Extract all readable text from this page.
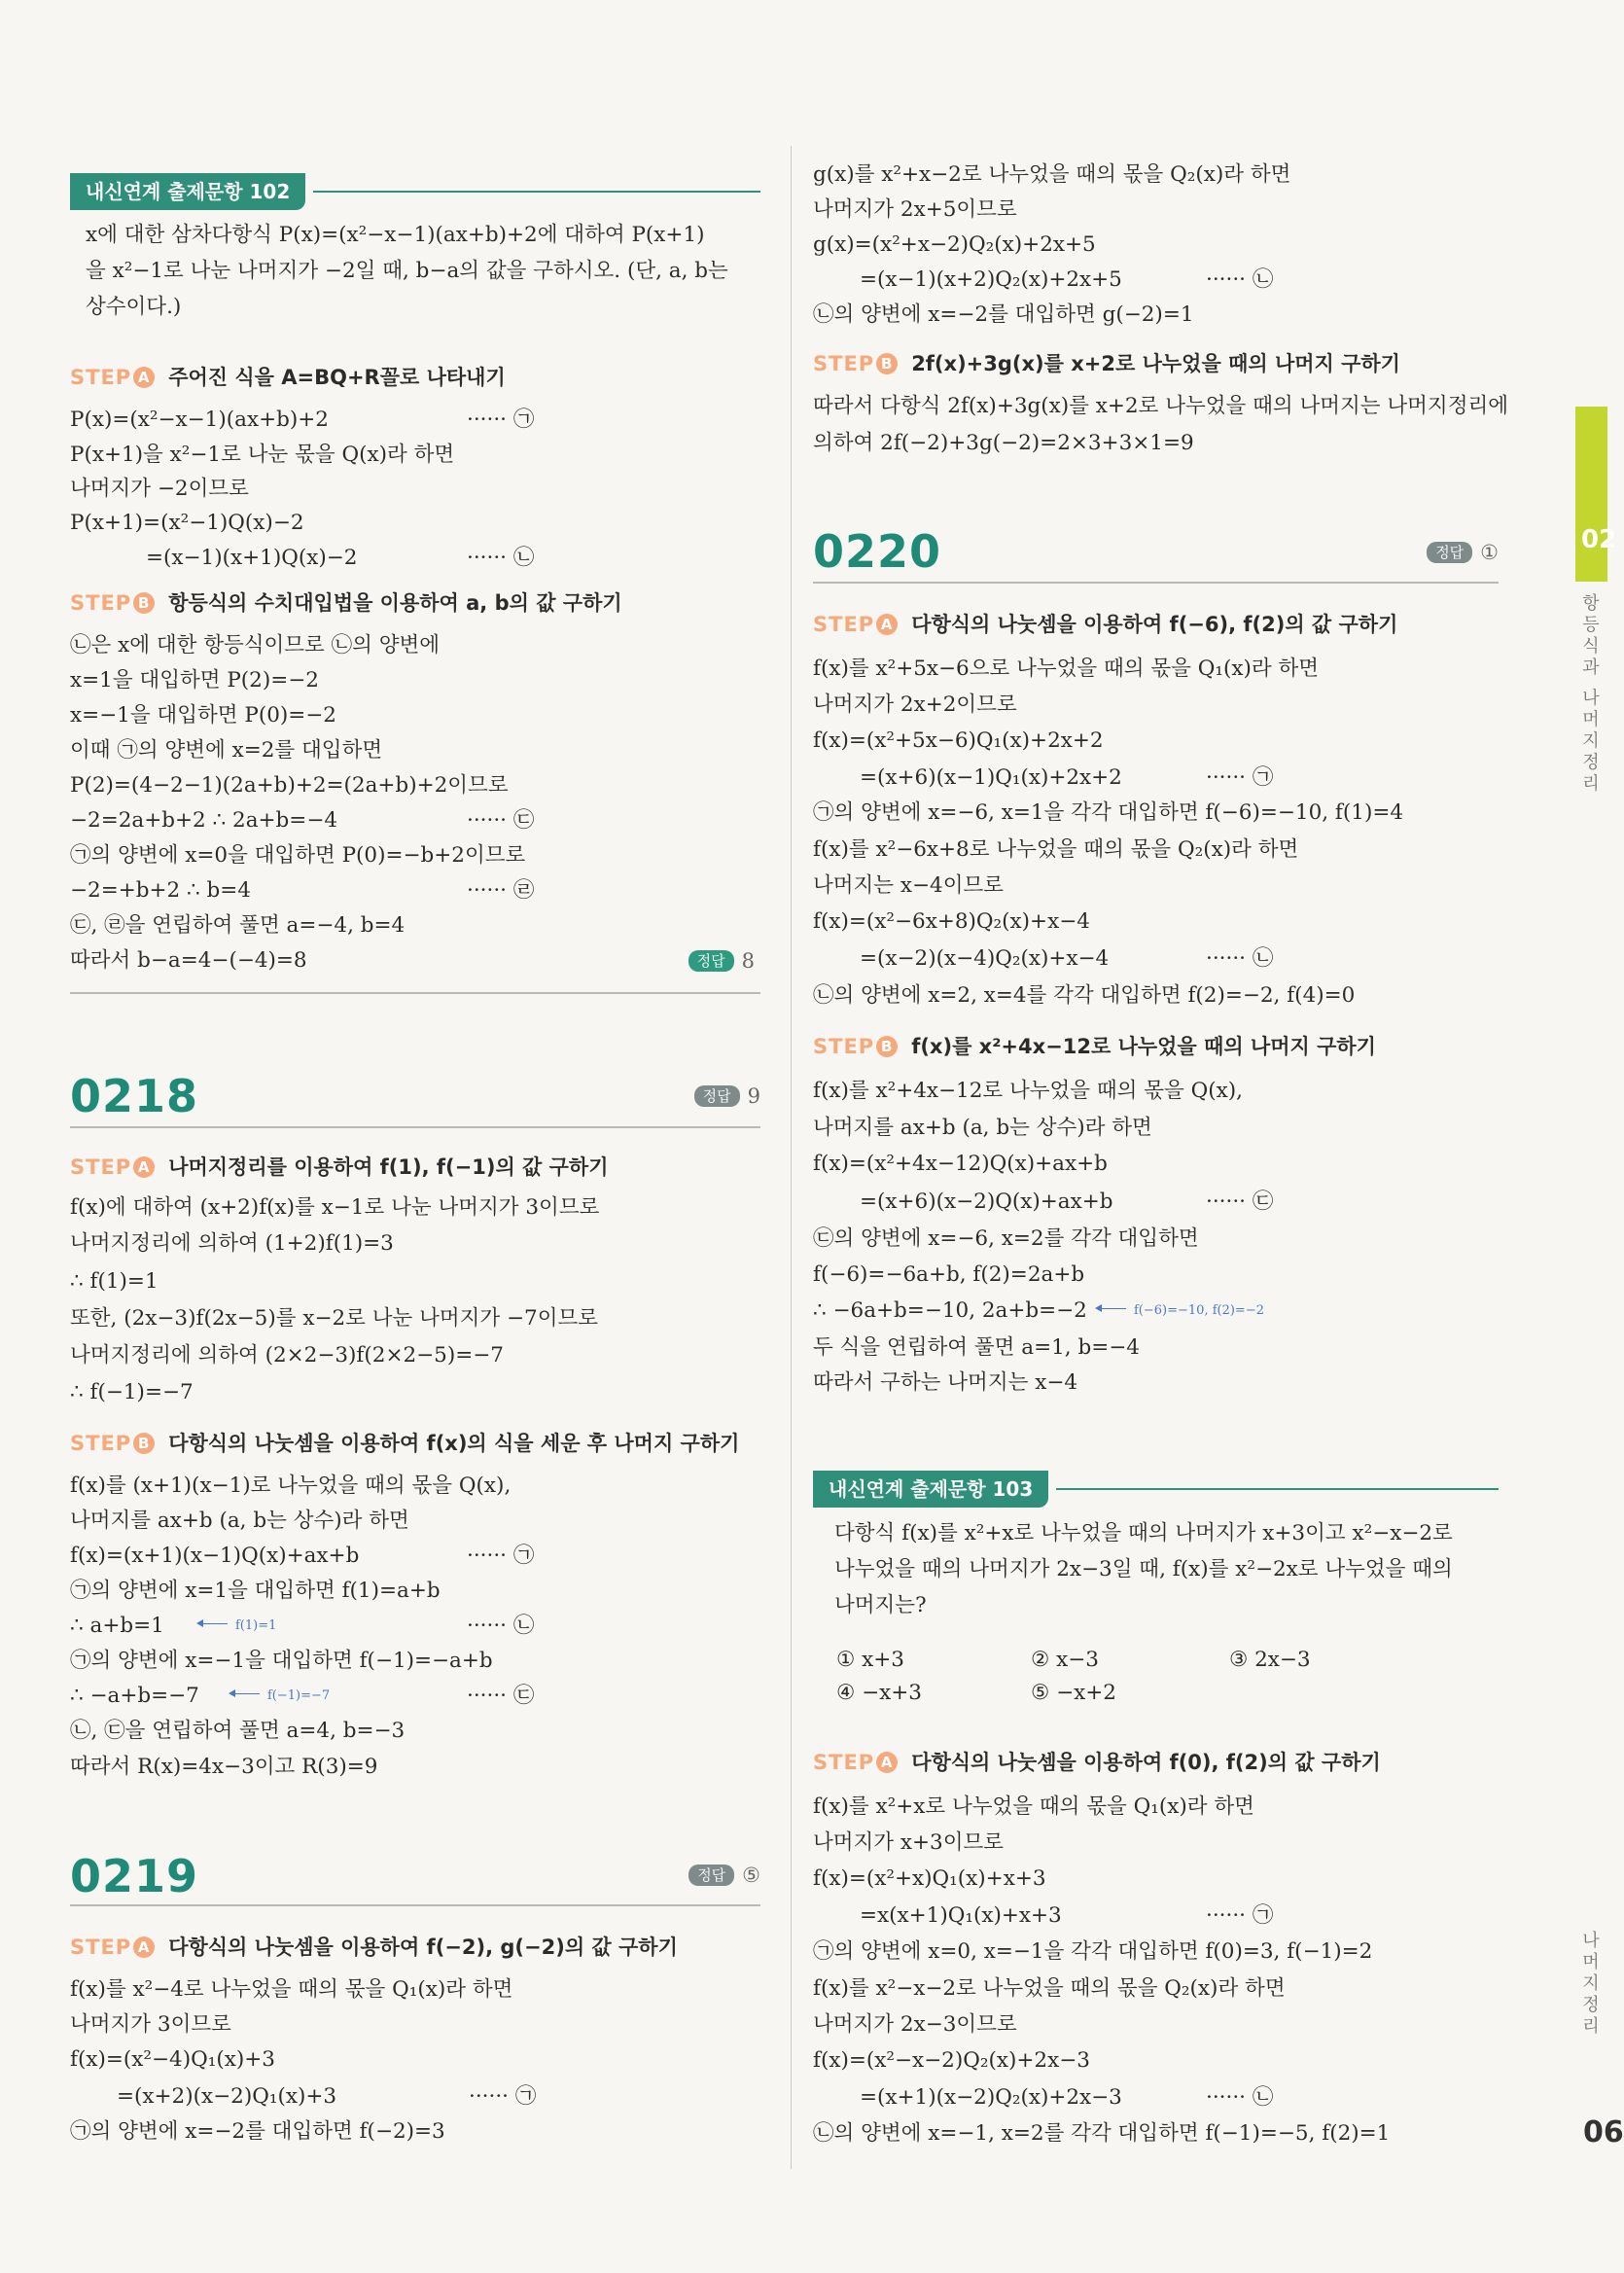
내신연계 출제문항 102
x에 대한 삼차다항식 P(x)=(x²−x−1)(ax+b)+2에 대하여 P(x+1)
을 x²−1로 나눈 나머지가 −2일 때, b−a의 값을 구하시오. (단, a, b는
상수이다.)
STEP A 주어진 식을 A=BQ+R꼴로 나타내기
P(x)=(x²−x−1)(ax+b)+2	······ ㉠
P(x+1)을 x²−1로 나눈 몫을 Q(x)라 하면
나머지가 −2이므로
P(x+1)=(x²−1)Q(x)−2
=(x−1)(x+1)Q(x)−2	······ ㉡
STEP B 항등식의 수치대입법을 이용하여 a, b의 값 구하기
㉡은 x에 대한 항등식이므로 ㉡의 양변에
x=1을 대입하면 P(2)=−2
x=−1을 대입하면 P(0)=−2
이때 ㉠의 양변에 x=2를 대입하면
P(2)=(4−2−1)(2a+b)+2=(2a+b)+2이므로
−2=2a+b+2 ∴ 2a+b=−4	······ ㉢
㉠의 양변에 x=0을 대입하면 P(0)=−b+2이므로
−2=+b+2 ∴ b=4	······ ㉣
㉢, ㉣을 연립하여 풀면 a=−4, b=4
따라서 b−a=4−(−4)=8	정답 8
0218	정답 9
STEP A 나머지정리를 이용하여 f(1), f(−1)의 값 구하기
f(x)에 대하여 (x+2)f(x)를 x−1로 나눈 나머지가 3이므로
나머지정리에 의하여 (1+2)f(1)=3
∴ f(1)=1
또한, (2x−3)f(2x−5)를 x−2로 나눈 나머지가 −7이므로
나머지정리에 의하여 (2×2−3)f(2×2−5)=−7
∴ f(−1)=−7
STEP B 다항식의 나눗셈을 이용하여 f(x)의 식을 세운 후 나머지 구하기
f(x)를 (x+1)(x−1)로 나누었을 때의 몫을 Q(x),
나머지를 ax+b (a, b는 상수)라 하면
f(x)=(x+1)(x−1)Q(x)+ax+b	······ ㉠
㉠의 양변에 x=1을 대입하면 f(1)=a+b
∴ a+b=1	f(1)=1	······ ㉡
㉠의 양변에 x=−1을 대입하면 f(−1)=−a+b
∴ −a+b=−7	f(−1)=−7	······ ㉢
㉡, ㉢을 연립하여 풀면 a=4, b=−3
따라서 R(x)=4x−3이고 R(3)=9
0219	정답 ⑤
STEP A 다항식의 나눗셈을 이용하여 f(−2), g(−2)의 값 구하기
f(x)를 x²−4로 나누었을 때의 몫을 Q₁(x)라 하면
나머지가 3이므로
f(x)=(x²−4)Q₁(x)+3
=(x+2)(x−2)Q₁(x)+3	······ ㉠
㉠의 양변에 x=−2를 대입하면 f(−2)=3
g(x)를 x²+x−2로 나누었을 때의 몫을 Q₂(x)라 하면
나머지가 2x+5이므로
g(x)=(x²+x−2)Q₂(x)+2x+5
=(x−1)(x+2)Q₂(x)+2x+5	······ ㉡
㉡의 양변에 x=−2를 대입하면 g(−2)=1
STEP B 2f(x)+3g(x)를 x+2로 나누었을 때의 나머지 구하기
따라서 다항식 2f(x)+3g(x)를 x+2로 나누었을 때의 나머지는 나머지정리에
의하여 2f(−2)+3g(−2)=2×3+3×1=9
0220	정답 ①
STEP A 다항식의 나눗셈을 이용하여 f(−6), f(2)의 값 구하기
f(x)를 x²+5x−6으로 나누었을 때의 몫을 Q₁(x)라 하면
나머지가 2x+2이므로
f(x)=(x²+5x−6)Q₁(x)+2x+2
=(x+6)(x−1)Q₁(x)+2x+2	······ ㉠
㉠의 양변에 x=−6, x=1을 각각 대입하면 f(−6)=−10, f(1)=4
f(x)를 x²−6x+8로 나누었을 때의 몫을 Q₂(x)라 하면
나머지는 x−4이므로
f(x)=(x²−6x+8)Q₂(x)+x−4
=(x−2)(x−4)Q₂(x)+x−4	······ ㉡
㉡의 양변에 x=2, x=4를 각각 대입하면 f(2)=−2, f(4)=0
STEP B f(x)를 x²+4x−12로 나누었을 때의 나머지 구하기
f(x)를 x²+4x−12로 나누었을 때의 몫을 Q(x),
나머지를 ax+b (a, b는 상수)라 하면
f(x)=(x²+4x−12)Q(x)+ax+b
=(x+6)(x−2)Q(x)+ax+b	······ ㉢
㉢의 양변에 x=−6, x=2를 각각 대입하면
f(−6)=−6a+b, f(2)=2a+b
∴ −6a+b=−10, 2a+b=−2	f(−6)=−10, f(2)=−2
두 식을 연립하여 풀면 a=1, b=−4
따라서 구하는 나머지는 x−4
내신연계 출제문항 103
다항식 f(x)를 x²+x로 나누었을 때의 나머지가 x+3이고 x²−x−2로
나누었을 때의 나머지가 2x−3일 때, f(x)를 x²−2x로 나누었을 때의
나머지는?
① x+3	② x−3	③ 2x−3
④ −x+3	⑤ −x+2
STEP A 다항식의 나눗셈을 이용하여 f(0), f(2)의 값 구하기
f(x)를 x²+x로 나누었을 때의 몫을 Q₁(x)라 하면
나머지가 x+3이므로
f(x)=(x²+x)Q₁(x)+x+3
=x(x+1)Q₁(x)+x+3	······ ㉠
㉠의 양변에 x=0, x=−1을 각각 대입하면 f(0)=3, f(−1)=2
f(x)를 x²−x−2로 나누었을 때의 몫을 Q₂(x)라 하면
나머지가 2x−3이므로
f(x)=(x²−x−2)Q₂(x)+2x−3
=(x+1)(x−2)Q₂(x)+2x−3	······ ㉡
㉡의 양변에 x=−1, x=2를 각각 대입하면 f(−1)=−5, f(2)=1
02
항등식과 나머지정리
나머지정리
06
